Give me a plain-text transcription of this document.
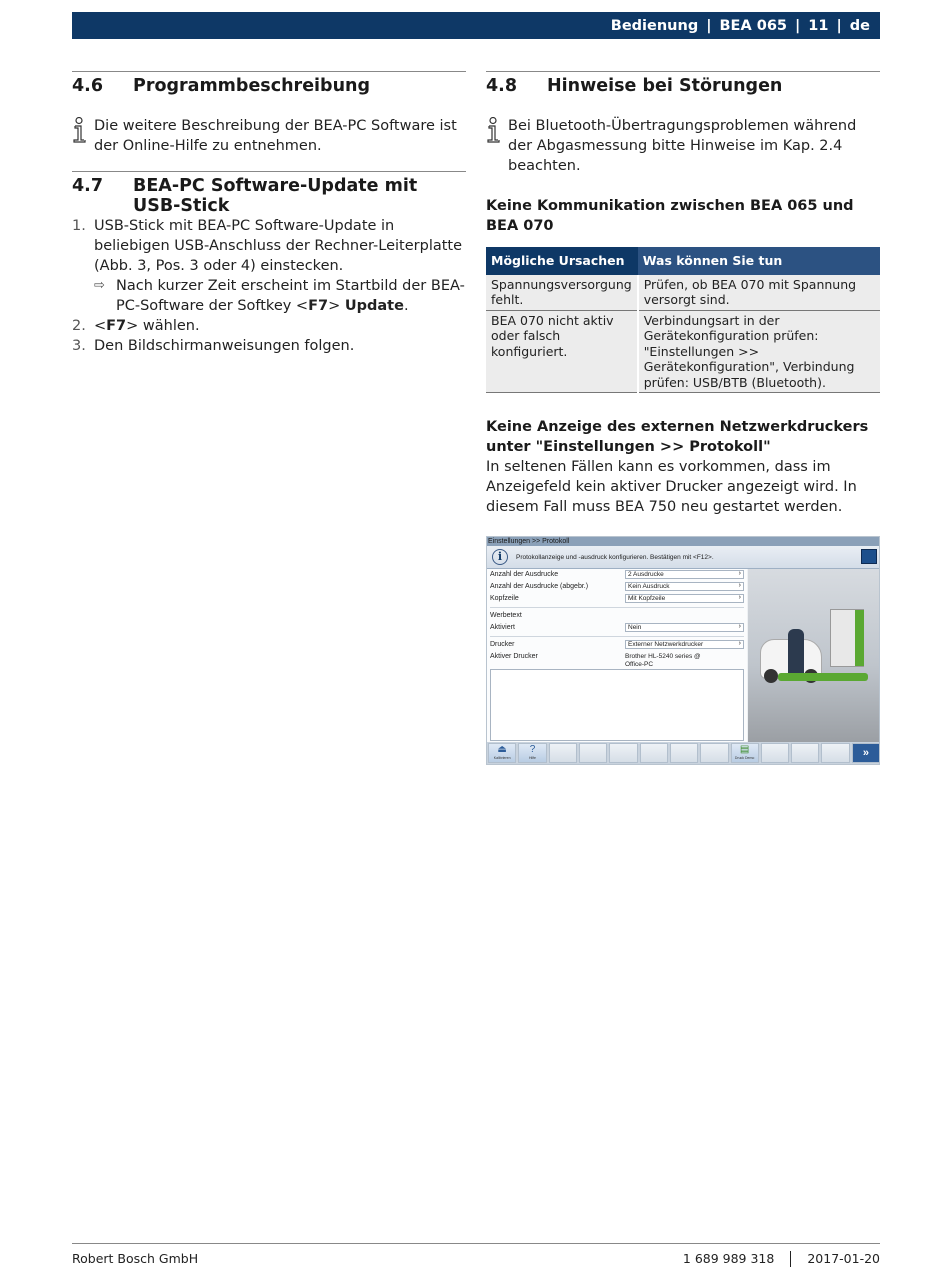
Bedienung | BEA 065 | 11 | de
4.6	Programmbeschreibung
Die weitere Beschreibung der BEA-PC Software ist der Online-Hilfe zu entnehmen.
4.7	BEA-PC Software-Update mit USB-Stick
1. USB-Stick mit BEA-PC Software-Update in beliebigen USB-Anschluss der Rechner-Leiterplatte (Abb. 3, Pos. 3 oder 4) einstecken.
⇨ Nach kurzer Zeit erscheint im Startbild der BEA-PC-Software der Softkey <F7> Update.
2. <F7> wählen.
3. Den Bildschirmanweisungen folgen.
4.8	Hinweise bei Störungen
Bei Bluetooth-Übertragungsproblemen während der Abgasmessung bitte Hinweise im Kap. 2.4 beachten.
Keine Kommunikation zwischen BEA 065 und BEA 070
Mögliche Ursachen	Was können Sie tun
Spannungsversorgung fehlt.	Prüfen, ob BEA 070 mit Spannung versorgt sind.
BEA 070 nicht aktiv oder falsch konfiguriert.	Verbindungsart in der Gerätekonfiguration prüfen: "Einstellungen >> Gerätekonfiguration", Verbindung prüfen: USB/BTB (Bluetooth).
Keine Anzeige des externen Netzwerkdruckers unter "Einstellungen >> Protokoll"
In seltenen Fällen kann es vorkommen, dass im Anzeigefeld kein aktiver Drucker angezeigt wird. In diesem Fall muss BEA 750 neu gestartet werden.
Einstellungen >> Protokoll
i	Protokollanzeige und -ausdruck konfigurieren. Bestätigen mit <F12>.
Anzahl der Ausdrucke	2 Ausdrucke ›
Anzahl der Ausdrucke (abgebr.)	Kein Ausdruck ›
Kopfzeile	Mit Kopfzeile ›
Werbetext
Aktiviert	Nein ›
Drucker	Externer Netzwerkdrucker ›
Aktiver Drucker	Brother HL-5240 series @
Office-PC
⏏
Kalibrieren
?
Hilfe
▤
Druck Demo	»
Robert Bosch GmbH	1 689 989 318	2017-01-20
